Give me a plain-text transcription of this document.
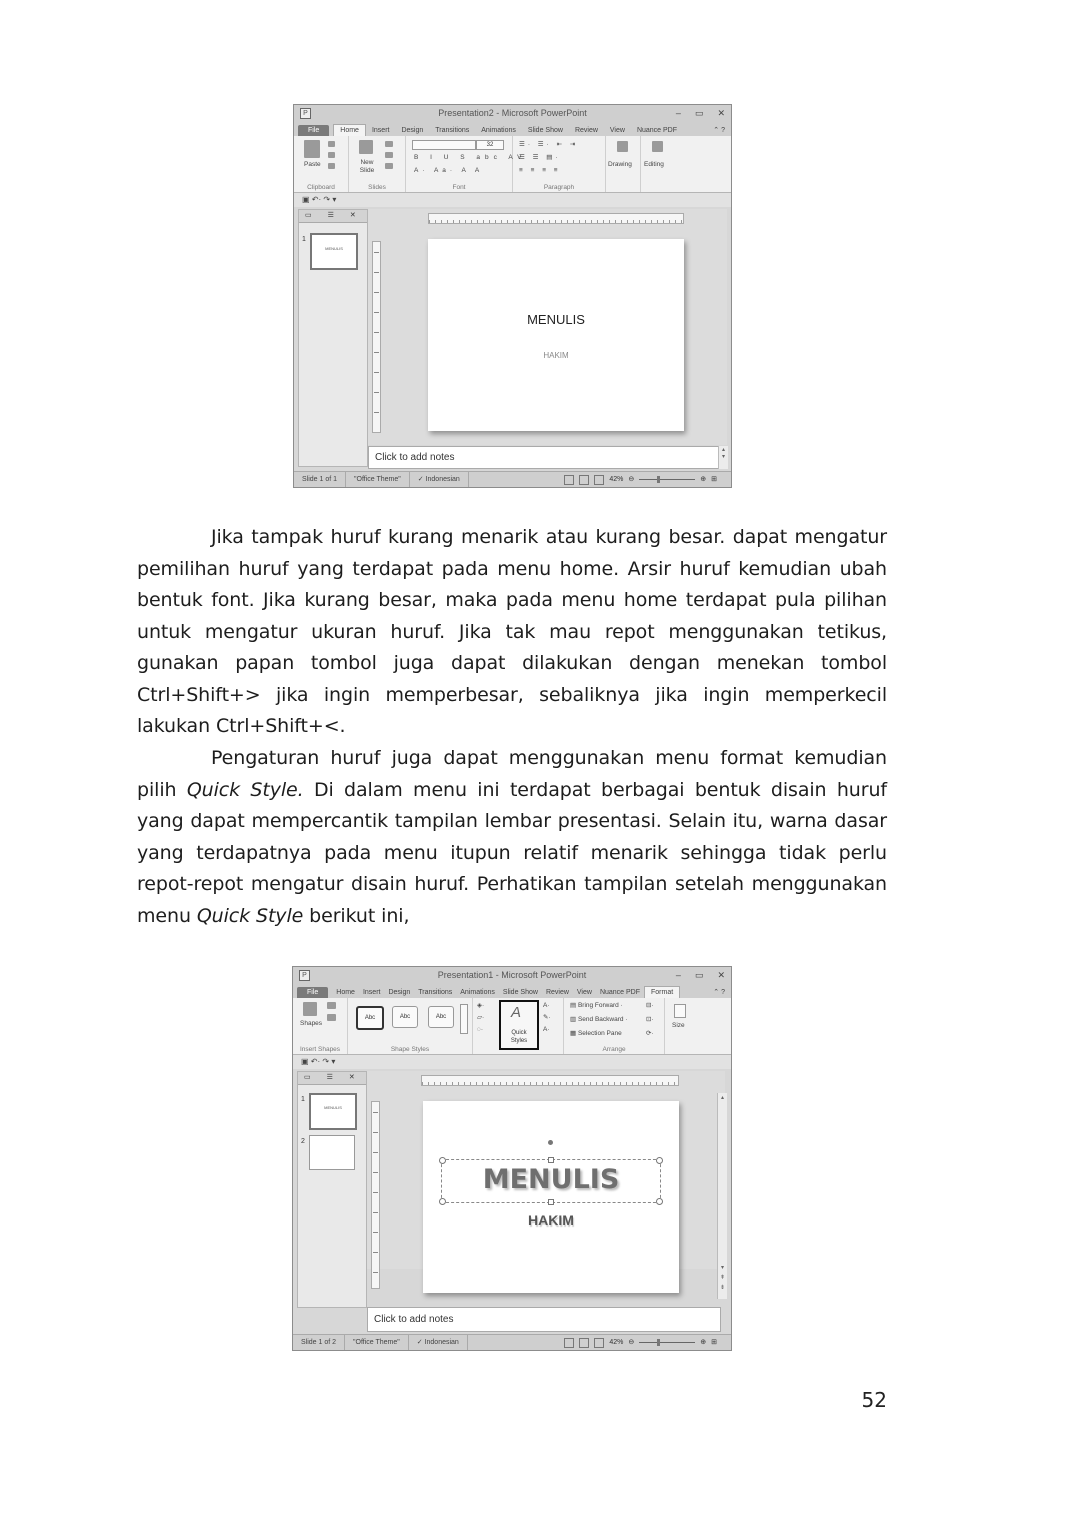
P	Presentation2 - Microsoft PowerPoint	– ▭ ✕
File	Home	Insert	Design	Transitions	Animations	Slide Show	Review	View	Nuance PDF	⌃ ?
Paste
Clipboard
New Slide
Slides
32
B I U S abc AV
A· Aa· A A
Font
☰· ☰· ⇤ ⇥
☰ ☰ ▤·
≡ ≡ ≡ ≡
Paragraph
Drawing Editing
▣ ↶· ↷ ▾
▭ ☰ ✕
1
MENULIS
MENULIS
HAKIM
Click to add notes
▴
▾
Slide 1 of 1	"Office Theme"	✓ Indonesian	42% ⊖	⊕ ⊞

Jika tampak huruf kurang menarik atau kurang besar. dapat mengatur pemilihan huruf yang terdapat pada menu home. Arsir huruf kemudian ubah bentuk font. Jika kurang besar, maka pada menu home terdapat pula pilihan untuk mengatur ukuran huruf. Jika tak mau repot menggunakan tetikus, gunakan papan tombol juga dapat dilakukan dengan menekan tombol Ctrl+Shift+> jika ingin memperbesar, sebaliknya jika ingin memperkecil lakukan Ctrl+Shift+<.

Pengaturan huruf juga dapat menggunakan menu format kemudian pilih Quick Style. Di dalam menu ini terdapat berbagai bentuk disain huruf yang dapat mempercantik tampilan lembar presentasi. Selain itu, warna dasar yang terdapatnya pada menu itupun relatif menarik sehingga tidak perlu repot-repot mengatur disain huruf. Perhatikan tampilan setelah menggunakan menu Quick Style berikut ini,

P	Presentation1 - Microsoft PowerPoint	– ▭ ✕
File	Home	Insert	Design	Transitions	Animations	Slide Show	Review	View	Nuance PDF	Format	⌃ ?
Shapes
Insert Shapes
Abc	Abc	Abc
Shape Styles
◈·
▱·
◌·
A
Quick Styles
A·
✎·
A·
▤ Bring Forward ·
▥ Send Backward ·
▦ Selection Pane
⊟·
⊡·
⟳·
Arrange
Size
▣ ↶· ↷ ▾
▭ ☰ ✕
1
MENULIS
2
MENULIS
HAKIM
▴

▾
⇞
⇟
Click to add notes
Slide 1 of 2	"Office Theme"	✓ Indonesian	42% ⊖	⊕ ⊞
52
